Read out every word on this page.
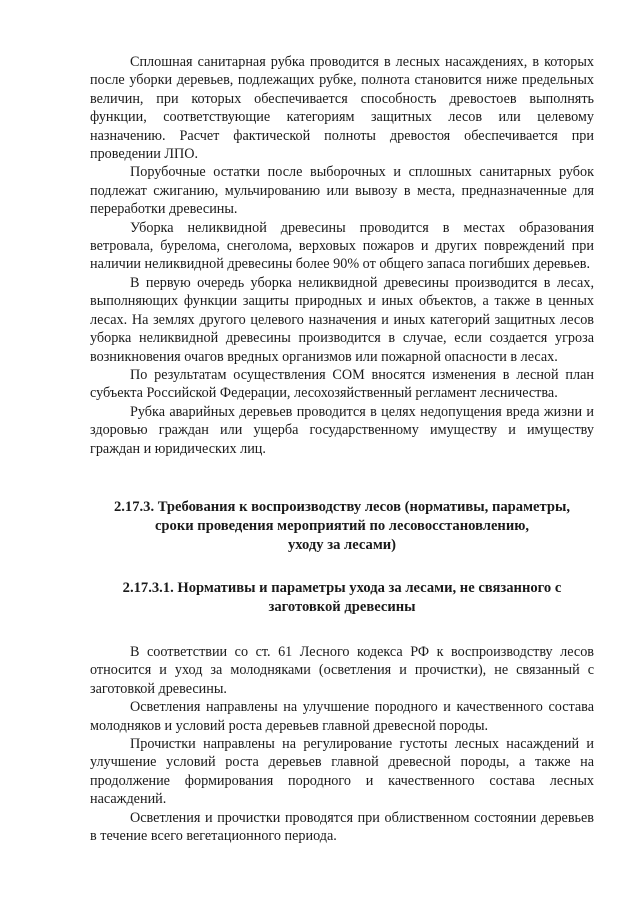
Сплошная санитарная рубка проводится в лесных насаждениях, в которых после уборки деревьев, подлежащих рубке, полнота становится ниже предельных величин, при которых обеспечивается способность древостоев выполнять функции, соответствующие категориям защитных лесов или целевому назначению. Расчет фактической полноты древостоя обеспечивается при проведении ЛПО.

Порубочные остатки после выборочных и сплошных санитарных рубок подлежат сжиганию, мульчированию или вывозу в места, предназначенные для переработки древесины.

Уборка неликвидной древесины проводится в местах образования ветровала, бурелома, снеголома, верховых пожаров и других повреждений при наличии неликвидной древесины более 90% от общего запаса погибших деревьев.

В первую очередь уборка неликвидной древесины производится в лесах, выполняющих функции защиты природных и иных объектов, а также в ценных лесах. На землях другого целевого назначения и иных категорий защитных лесов уборка неликвидной древесины производится в случае, если создается угроза возникновения очагов вредных организмов или пожарной опасности в лесах.

По результатам осуществления СОМ вносятся изменения в лесной план субъекта Российской Федерации, лесохозяйственный регламент лесничества.

Рубка аварийных деревьев проводится в целях недопущения вреда жизни и здоровью граждан или ущерба государственному имуществу и имуществу граждан и юридических лиц.

2.17.3. Требования к воспроизводству лесов (нормативы, параметры,
сроки проведения мероприятий по лесовосстановлению,
уходу за лесами)
2.17.3.1. Нормативы и параметры ухода за лесами, не связанного с
заготовкой древесины

В соответствии со ст. 61 Лесного кодекса РФ к воспроизводству лесов относится и уход за молодняками (осветления и прочистки), не связанный с заготовкой древесины.

Осветления направлены на улучшение породного и качественного состава молодняков и условий роста деревьев главной древесной породы.

Прочистки направлены на регулирование густоты лесных насаждений и улучшение условий роста деревьев главной древесной породы, а также на продолжение формирования породного и качественного состава лесных насаждений.

Осветления и прочистки проводятся при облиственном состоянии деревьев в течение всего вегетационного периода.
